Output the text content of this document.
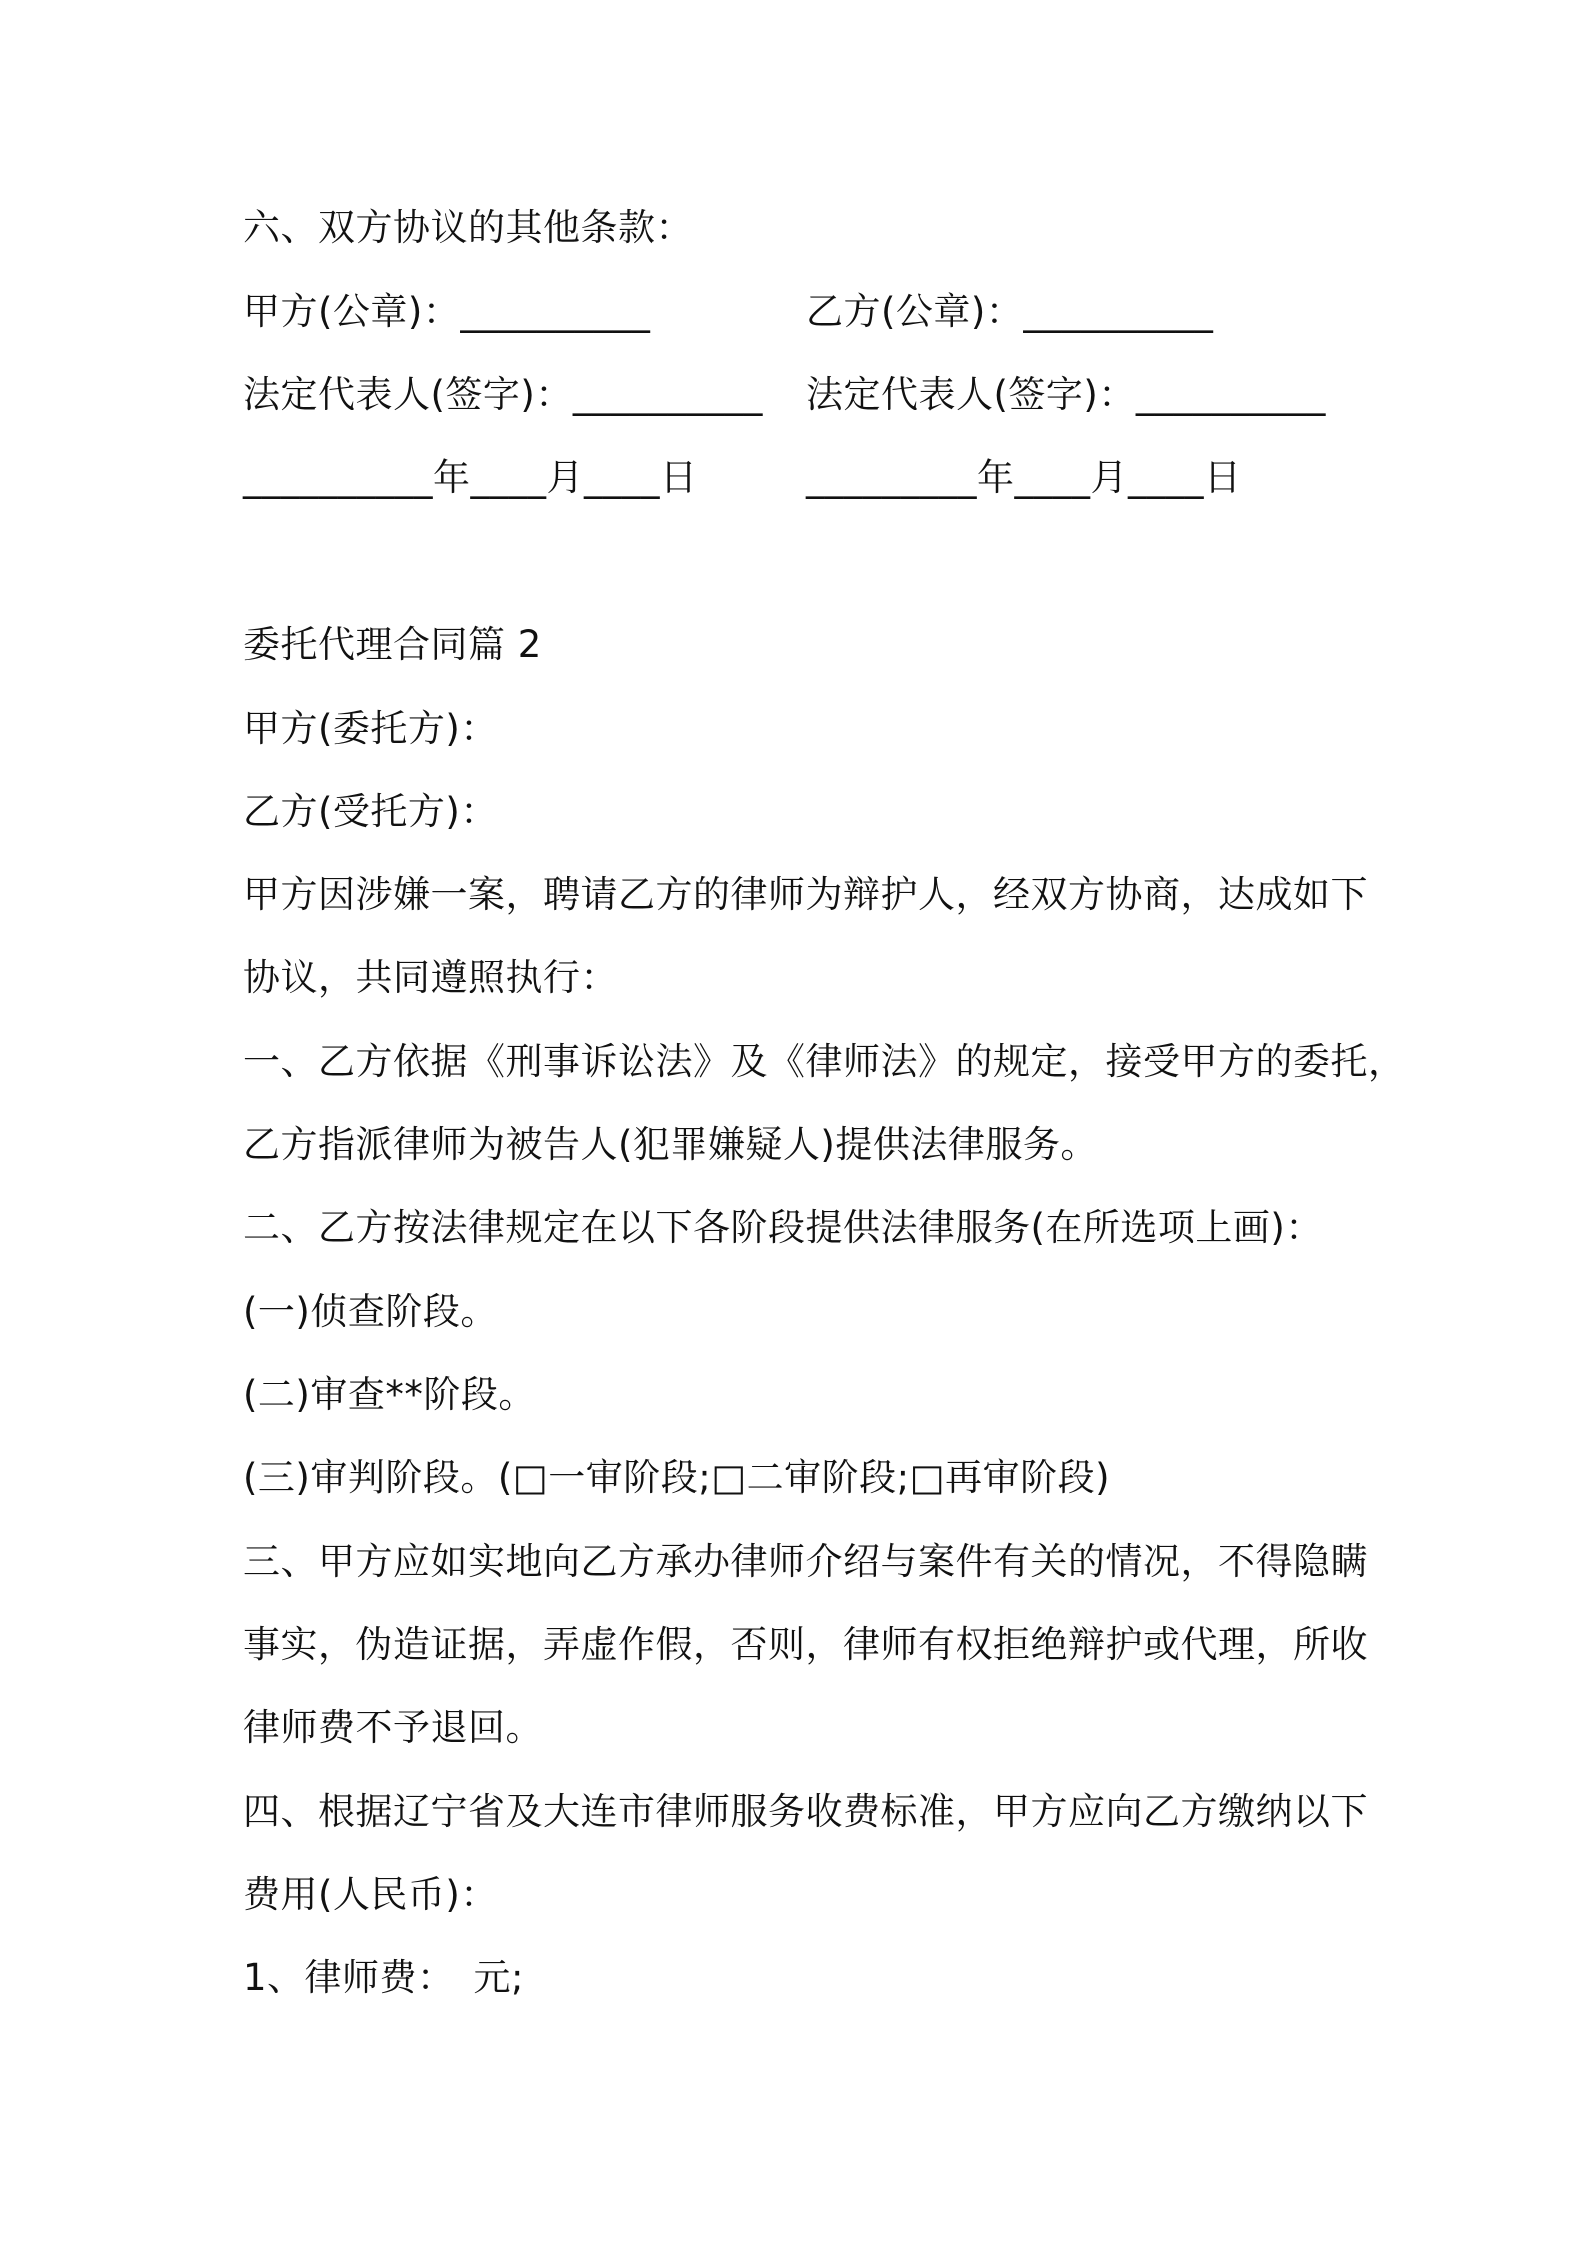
六、双方协议的其他条款：
甲方(公章)：__________	乙方(公章)：__________
法定代表人(签字)：__________ 法定代表人(签字)：__________
__________年____月____日	_________年____月____日
委托代理合同篇 2
甲方(委托方)：
乙方(受托方)：
甲方因涉嫌一案，聘请乙方的律师为辩护人，经双方协商，达成如下
协议，共同遵照执行：
一、乙方依据《刑事诉讼法》及《律师法》的规定，接受甲方的委托，
乙方指派律师为被告人(犯罪嫌疑人)提供法律服务。
二、乙方按法律规定在以下各阶段提供法律服务(在所选项上画)：
(一)侦查阶段。
(二)审查**阶段。
(三)审判阶段。(□一审阶段;□二审阶段;□再审阶段)
三、甲方应如实地向乙方承办律师介绍与案件有关的情况，不得隐瞒
事实，伪造证据，弄虚作假，否则，律师有权拒绝辩护或代理，所收
律师费不予退回。
四、根据辽宁省及大连市律师服务收费标准，甲方应向乙方缴纳以下
费用(人民币)：
1、律师费：　元;
